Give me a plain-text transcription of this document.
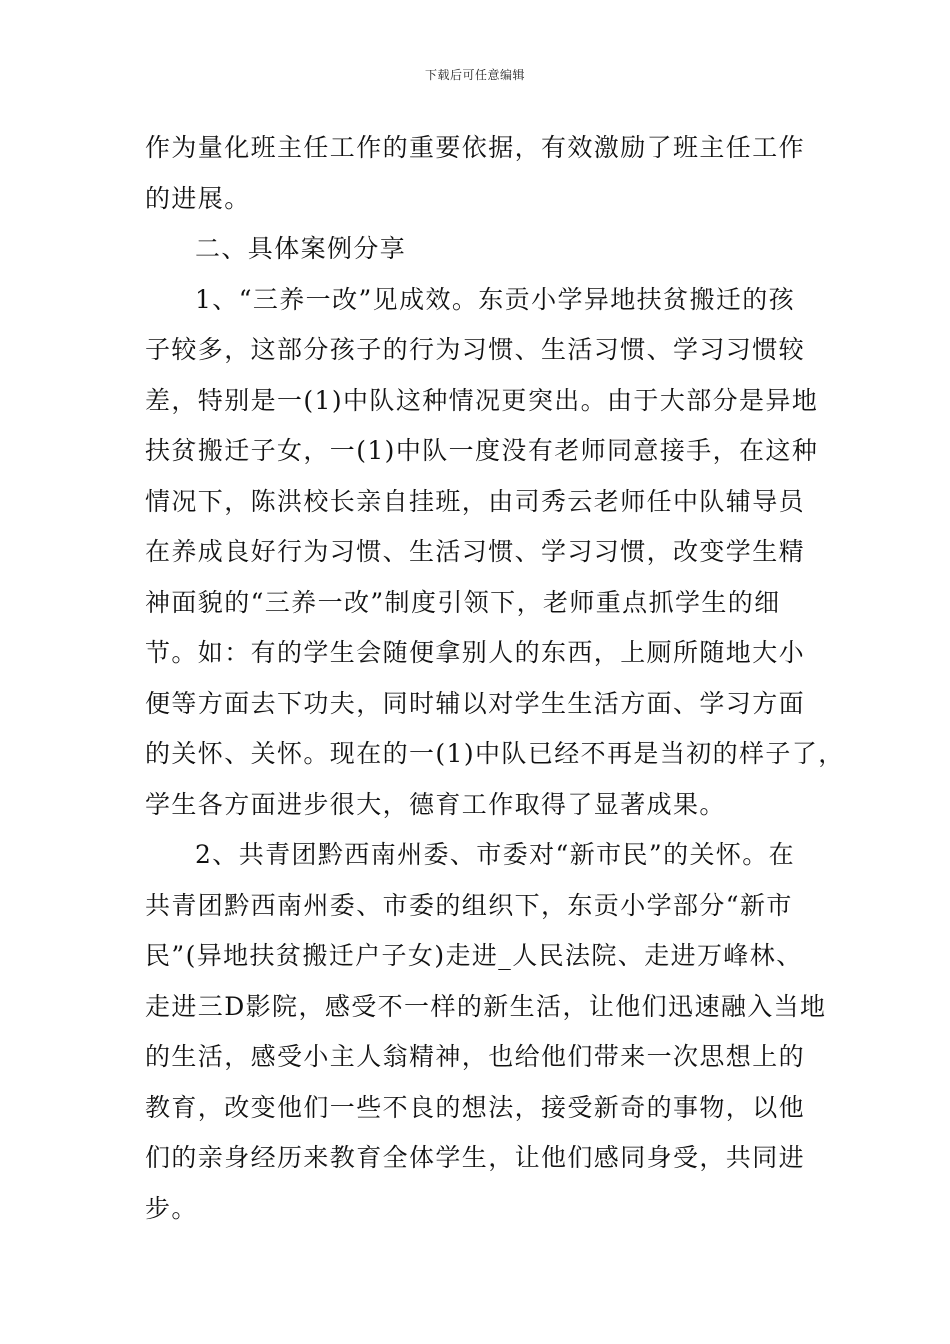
下载后可任意编辑
作为量化班主任工作的重要依据，有效激励了班主任工作
的进展。
二、具体案例分享
1、“三养一改”见成效。东贡小学异地扶贫搬迁的孩
子较多，这部分孩子的行为习惯、生活习惯、学习习惯较
差，特别是一(1)中队这种情况更突出。由于大部分是异地
扶贫搬迁子女，一(1)中队一度没有老师同意接手，在这种
情况下，陈洪校长亲自挂班，由司秀云老师任中队辅导员
在养成良好行为习惯、生活习惯、学习习惯，改变学生精
神面貌的“三养一改”制度引领下，老师重点抓学生的细
节。如：有的学生会随便拿别人的东西，上厕所随地大小
便等方面去下功夫，同时辅以对学生生活方面、学习方面
的关怀、关怀。现在的一(1)中队已经不再是当初的样子了，
学生各方面进步很大，德育工作取得了显著成果。
2、共青团黔西南州委、市委对“新市民”的关怀。在
共青团黔西南州委、市委的组织下，东贡小学部分“新市
民”(异地扶贫搬迁户子女)走进_人民法院、走进万峰林、
走进三D影院，感受不一样的新生活，让他们迅速融入当地
的生活，感受小主人翁精神，也给他们带来一次思想上的
教育，改变他们一些不良的想法，接受新奇的事物，以他
们的亲身经历来教育全体学生，让他们感同身受，共同进
步。
